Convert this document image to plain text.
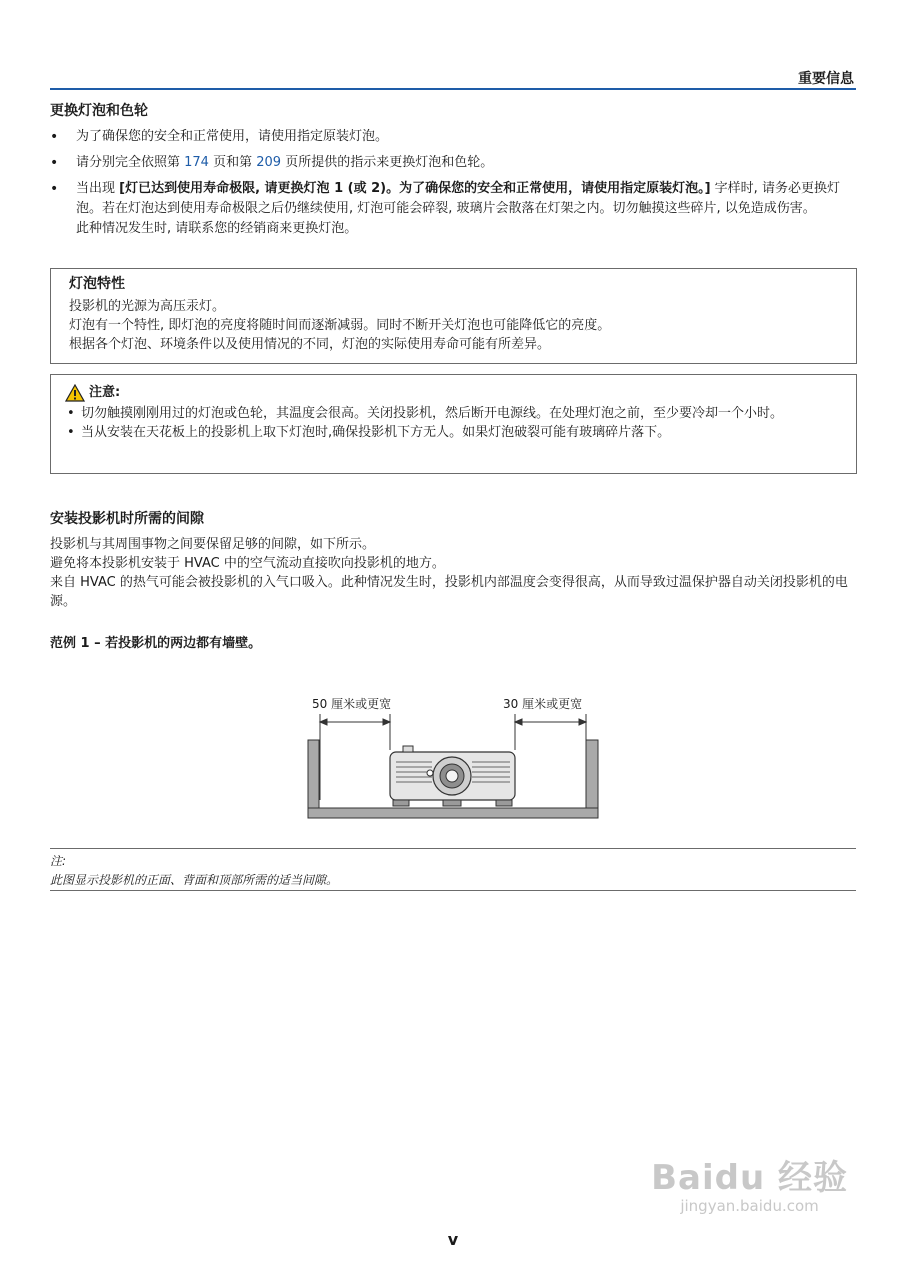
重要信息
更换灯泡和色轮
• 为了确保您的安全和正常使用，请使用指定原装灯泡。
• 请分别完全依照第 174 页和第 209 页所提供的指示来更换灯泡和色轮。
• 当出现 [灯已达到使用寿命极限, 请更换灯泡 1 (或 2)。为了确保您的安全和正常使用，请使用指定原装灯泡。] 字样时, 请务必更换灯泡。若在灯泡达到使用寿命极限之后仍继续使用, 灯泡可能会碎裂, 玻璃片会散落在灯架之内。切勿触摸这些碎片, 以免造成伤害。
此种情况发生时, 请联系您的经销商来更换灯泡。
灯泡特性
投影机的光源为高压汞灯。
灯泡有一个特性, 即灯泡的亮度将随时间而逐渐减弱。同时不断开关灯泡也可能降低它的亮度。
根据各个灯泡、环境条件以及使用情况的不同，灯泡的实际使用寿命可能有所差异。
注意:
• 切勿触摸刚刚用过的灯泡或色轮，其温度会很高。关闭投影机，然后断开电源线。在处理灯泡之前，至少要冷却一个小时。
• 当从安装在天花板上的投影机上取下灯泡时,确保投影机下方无人。如果灯泡破裂可能有玻璃碎片落下。
安装投影机时所需的间隙
投影机与其周围事物之间要保留足够的间隙，如下所示。
避免将本投影机安装于 HVAC 中的空气流动直接吹向投影机的地方。
来自 HVAC 的热气可能会被投影机的入气口吸入。此种情况发生时，投影机内部温度会变得很高，从而导致过温保护器自动关闭投影机的电源。
范例 1 – 若投影机的两边都有墙壁。
50 厘米或更宽	30 厘米或更宽
注:
此图显示投影机的正面、背面和顶部所需的适当间隙。
Baidu 经验
jingyan.baidu.com
v
